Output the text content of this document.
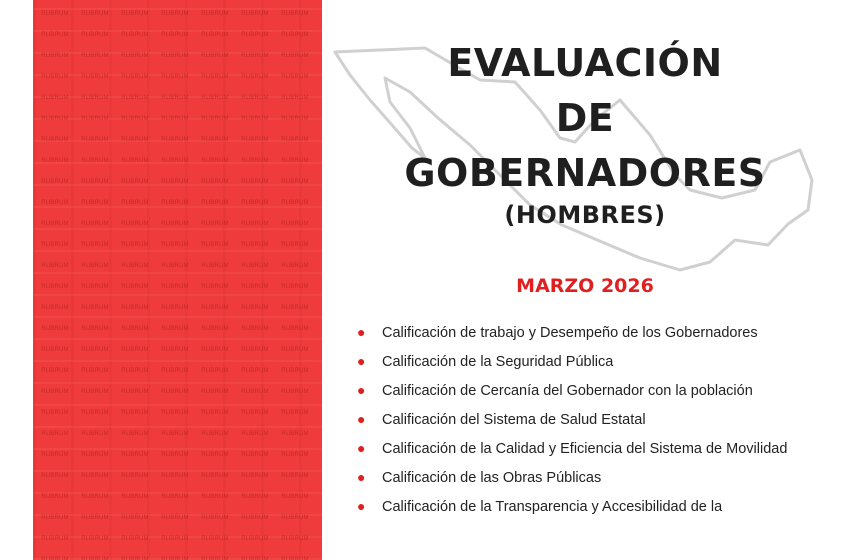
RUBRUM	RUBRUM	RUBRUM	RUBRUM	RUBRUM	RUBRUM	RUBRUM
RUBRUM	RUBRUM	RUBRUM	RUBRUM	RUBRUM	RUBRUM	RUBRUM
RUBRUM	RUBRUM	RUBRUM	RUBRUM	RUBRUM	RUBRUM	RUBRUM
RUBRUM	RUBRUM	RUBRUM	RUBRUM	RUBRUM	RUBRUM	RUBRUM
RUBRUM	RUBRUM	RUBRUM	RUBRUM	RUBRUM	RUBRUM	RUBRUM
RUBRUM	RUBRUM	RUBRUM	RUBRUM	RUBRUM	RUBRUM	RUBRUM
RUBRUM	RUBRUM	RUBRUM	RUBRUM	RUBRUM	RUBRUM	RUBRUM
RUBRUM	RUBRUM	RUBRUM	RUBRUM	RUBRUM	RUBRUM	RUBRUM
RUBRUM	RUBRUM	RUBRUM	RUBRUM	RUBRUM	RUBRUM	RUBRUM
RUBRUM	RUBRUM	RUBRUM	RUBRUM	RUBRUM	RUBRUM	RUBRUM
RUBRUM	RUBRUM	RUBRUM	RUBRUM	RUBRUM	RUBRUM	RUBRUM
RUBRUM	RUBRUM	RUBRUM	RUBRUM	RUBRUM	RUBRUM	RUBRUM
RUBRUM	RUBRUM	RUBRUM	RUBRUM	RUBRUM	RUBRUM	RUBRUM
RUBRUM	RUBRUM	RUBRUM	RUBRUM	RUBRUM	RUBRUM	RUBRUM
RUBRUM	RUBRUM	RUBRUM	RUBRUM	RUBRUM	RUBRUM	RUBRUM
RUBRUM	RUBRUM	RUBRUM	RUBRUM	RUBRUM	RUBRUM	RUBRUM
RUBRUM	RUBRUM	RUBRUM	RUBRUM	RUBRUM	RUBRUM	RUBRUM
RUBRUM	RUBRUM	RUBRUM	RUBRUM	RUBRUM	RUBRUM	RUBRUM
RUBRUM	RUBRUM	RUBRUM	RUBRUM	RUBRUM	RUBRUM	RUBRUM
RUBRUM	RUBRUM	RUBRUM	RUBRUM	RUBRUM	RUBRUM	RUBRUM
RUBRUM	RUBRUM	RUBRUM	RUBRUM	RUBRUM	RUBRUM	RUBRUM
RUBRUM	RUBRUM	RUBRUM	RUBRUM	RUBRUM	RUBRUM	RUBRUM
RUBRUM	RUBRUM	RUBRUM	RUBRUM	RUBRUM	RUBRUM	RUBRUM
RUBRUM	RUBRUM	RUBRUM	RUBRUM	RUBRUM	RUBRUM	RUBRUM
RUBRUM	RUBRUM	RUBRUM	RUBRUM	RUBRUM	RUBRUM	RUBRUM
RUBRUM	RUBRUM	RUBRUM	RUBRUM	RUBRUM	RUBRUM	RUBRUM
RUBRUM	RUBRUM	RUBRUM	RUBRUM	RUBRUM	RUBRUM	RUBRUM
EVALUACIÓN
DE
GOBERNADORES
(HOMBRES)
MARZO 2026
● Calificación de trabajo y Desempeño de los Gobernadores
● Calificación de la Seguridad Pública
● Calificación de Cercanía del Gobernador con la población
● Calificación del Sistema de Salud Estatal
● Calificación de la Calidad y Eficiencia del Sistema de Movilidad
● Calificación de las Obras Públicas
● Calificación de la Transparencia y Accesibilidad de la
